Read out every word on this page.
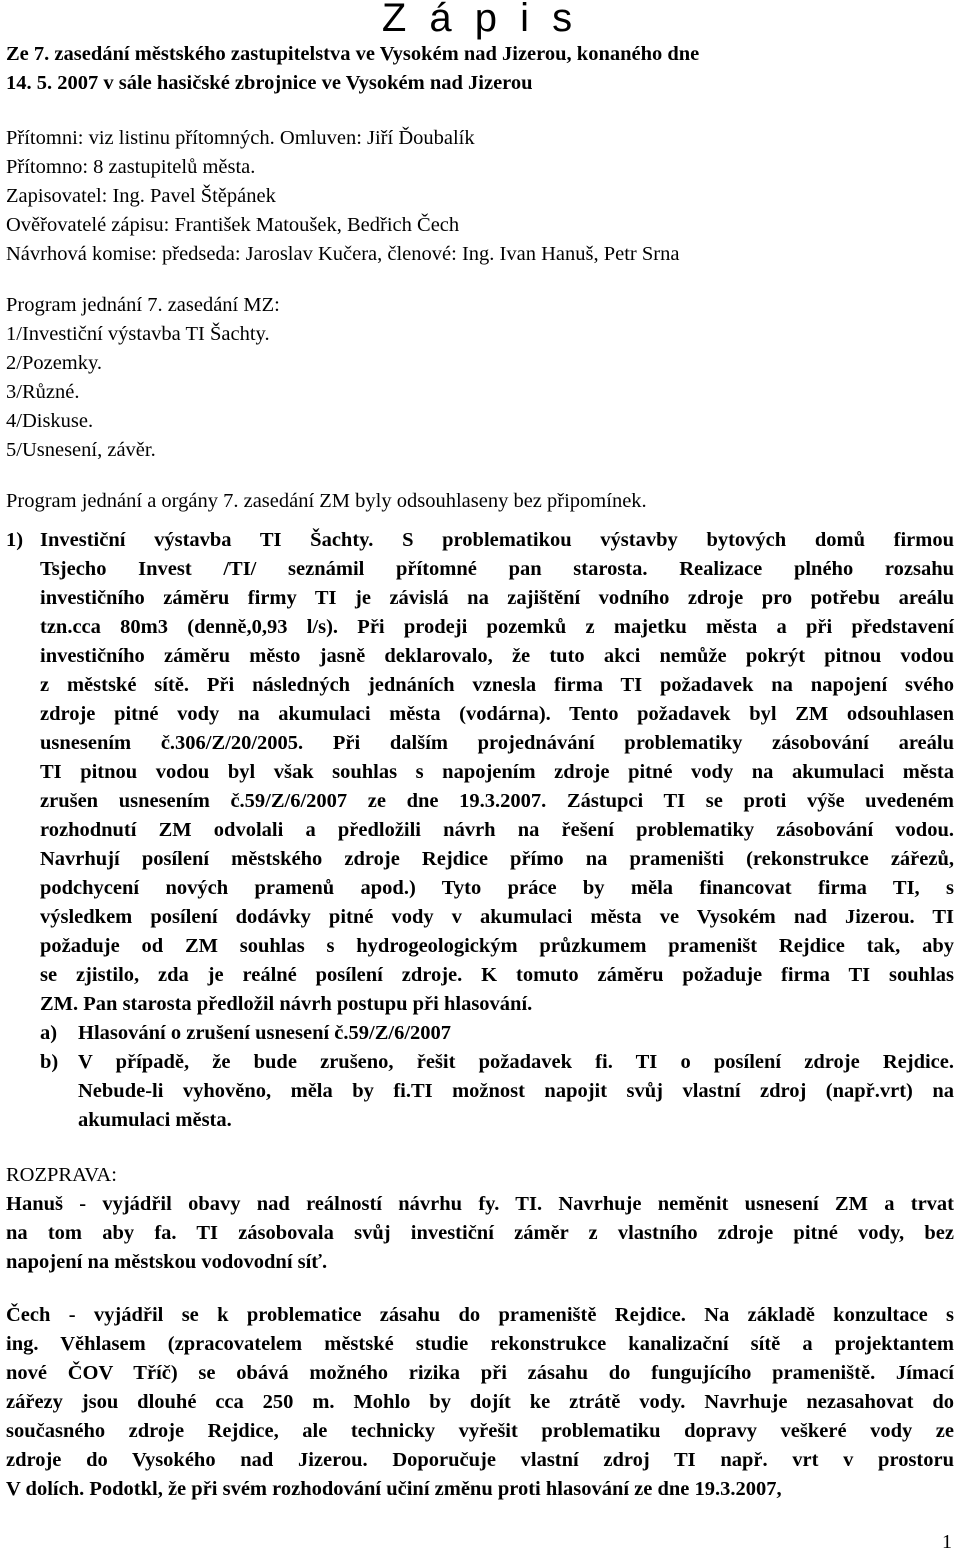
Z á p i s
Ze 7. zasedání městského zastupitelstva ve Vysokém nad Jizerou, konaného dne
14. 5. 2007 v sále hasičské zbrojnice ve Vysokém nad Jizerou
Přítomni: viz listinu přítomných. Omluven: Jiří Ďoubalík
Přítomno: 8 zastupitelů města.
Zapisovatel: Ing. Pavel Štěpánek
Ověřovatelé zápisu: František Matoušek, Bedřich Čech
Návrhová komise: předseda: Jaroslav Kučera, členové: Ing. Ivan Hanuš, Petr Srna
Program jednání 7. zasedání MZ:
1/Investiční výstavba TI Šachty.
2/Pozemky.
3/Různé.
4/Diskuse.
5/Usnesení, závěr.
Program jednání a orgány 7. zasedání ZM byly odsouhlaseny bez připomínek.
1) Investiční výstavba TI Šachty. S problematikou výstavby bytových domů firmou
Tsjecho Invest /TI/ seznámil přítomné pan starosta. Realizace plného rozsahu
investičního záměru firmy TI je závislá na zajištění vodního zdroje pro potřebu areálu
tzn.cca 80m3 (denně,0,93 l/s). Při prodeji pozemků z majetku města a při představení
investičního záměru město jasně deklarovalo, že tuto akci nemůže pokrýt pitnou vodou
z městské sítě. Při následných jednáních vznesla firma TI požadavek na napojení svého
zdroje pitné vody na akumulaci města (vodárna). Tento požadavek byl ZM odsouhlasen
usnesením č.306/Z/20/2005. Při dalším projednávání problematiky zásobování areálu
TI pitnou vodou byl však souhlas s napojením zdroje pitné vody na akumulaci města
zrušen usnesením č.59/Z/6/2007 ze dne 19.3.2007. Zástupci TI se proti výše uvedeném
rozhodnutí ZM odvolali a předložili návrh na řešení problematiky zásobování vodou.
Navrhují posílení městského zdroje Rejdice přímo na prameništi (rekonstrukce zářezů,
podchycení nových pramenů apod.) Tyto práce by měla financovat firma TI, s
výsledkem posílení dodávky pitné vody v akumulaci města ve Vysokém nad Jizerou. TI
požaduje od ZM souhlas s hydrogeologickým průzkumem prameništ Rejdice tak, aby
se zjistilo, zda je reálné posílení zdroje. K tomuto záměru požaduje firma TI souhlas
ZM. Pan starosta předložil návrh postupu při hlasování.
a) Hlasování o zrušení usnesení č.59/Z/6/2007
b) V případě, že bude zrušeno, řešit požadavek fi. TI o posílení zdroje Rejdice.
Nebude-li vyhověno, měla by fi.TI možnost napojit svůj vlastní zdroj (např.vrt) na
akumulaci města.
ROZPRAVA:
Hanuš - vyjádřil obavy nad reálností návrhu fy. TI. Navrhuje neměnit usnesení ZM a trvat
na tom aby fa. TI zásobovala svůj investiční záměr z vlastního zdroje pitné vody, bez
napojení na městskou vodovodní síť.
Čech - vyjádřil se k problematice zásahu do prameniště Rejdice. Na základě konzultace s
ing. Věhlasem (zpracovatelem městské studie rekonstrukce kanalizační sítě a projektantem
nové ČOV Tříč) se obává možného rizika při zásahu do fungujícího prameniště. Jímací
zářezy jsou dlouhé cca 250 m. Mohlo by dojít ke ztrátě vody. Navrhuje nezasahovat do
současného zdroje Rejdice, ale technicky vyřešit problematiku dopravy veškeré vody ze
zdroje do Vysokého nad Jizerou. Doporučuje vlastní zdroj TI např. vrt v prostoru
V dolích. Podotkl, že při svém rozhodování učiní změnu proti hlasování ze dne 19.3.2007,
1
